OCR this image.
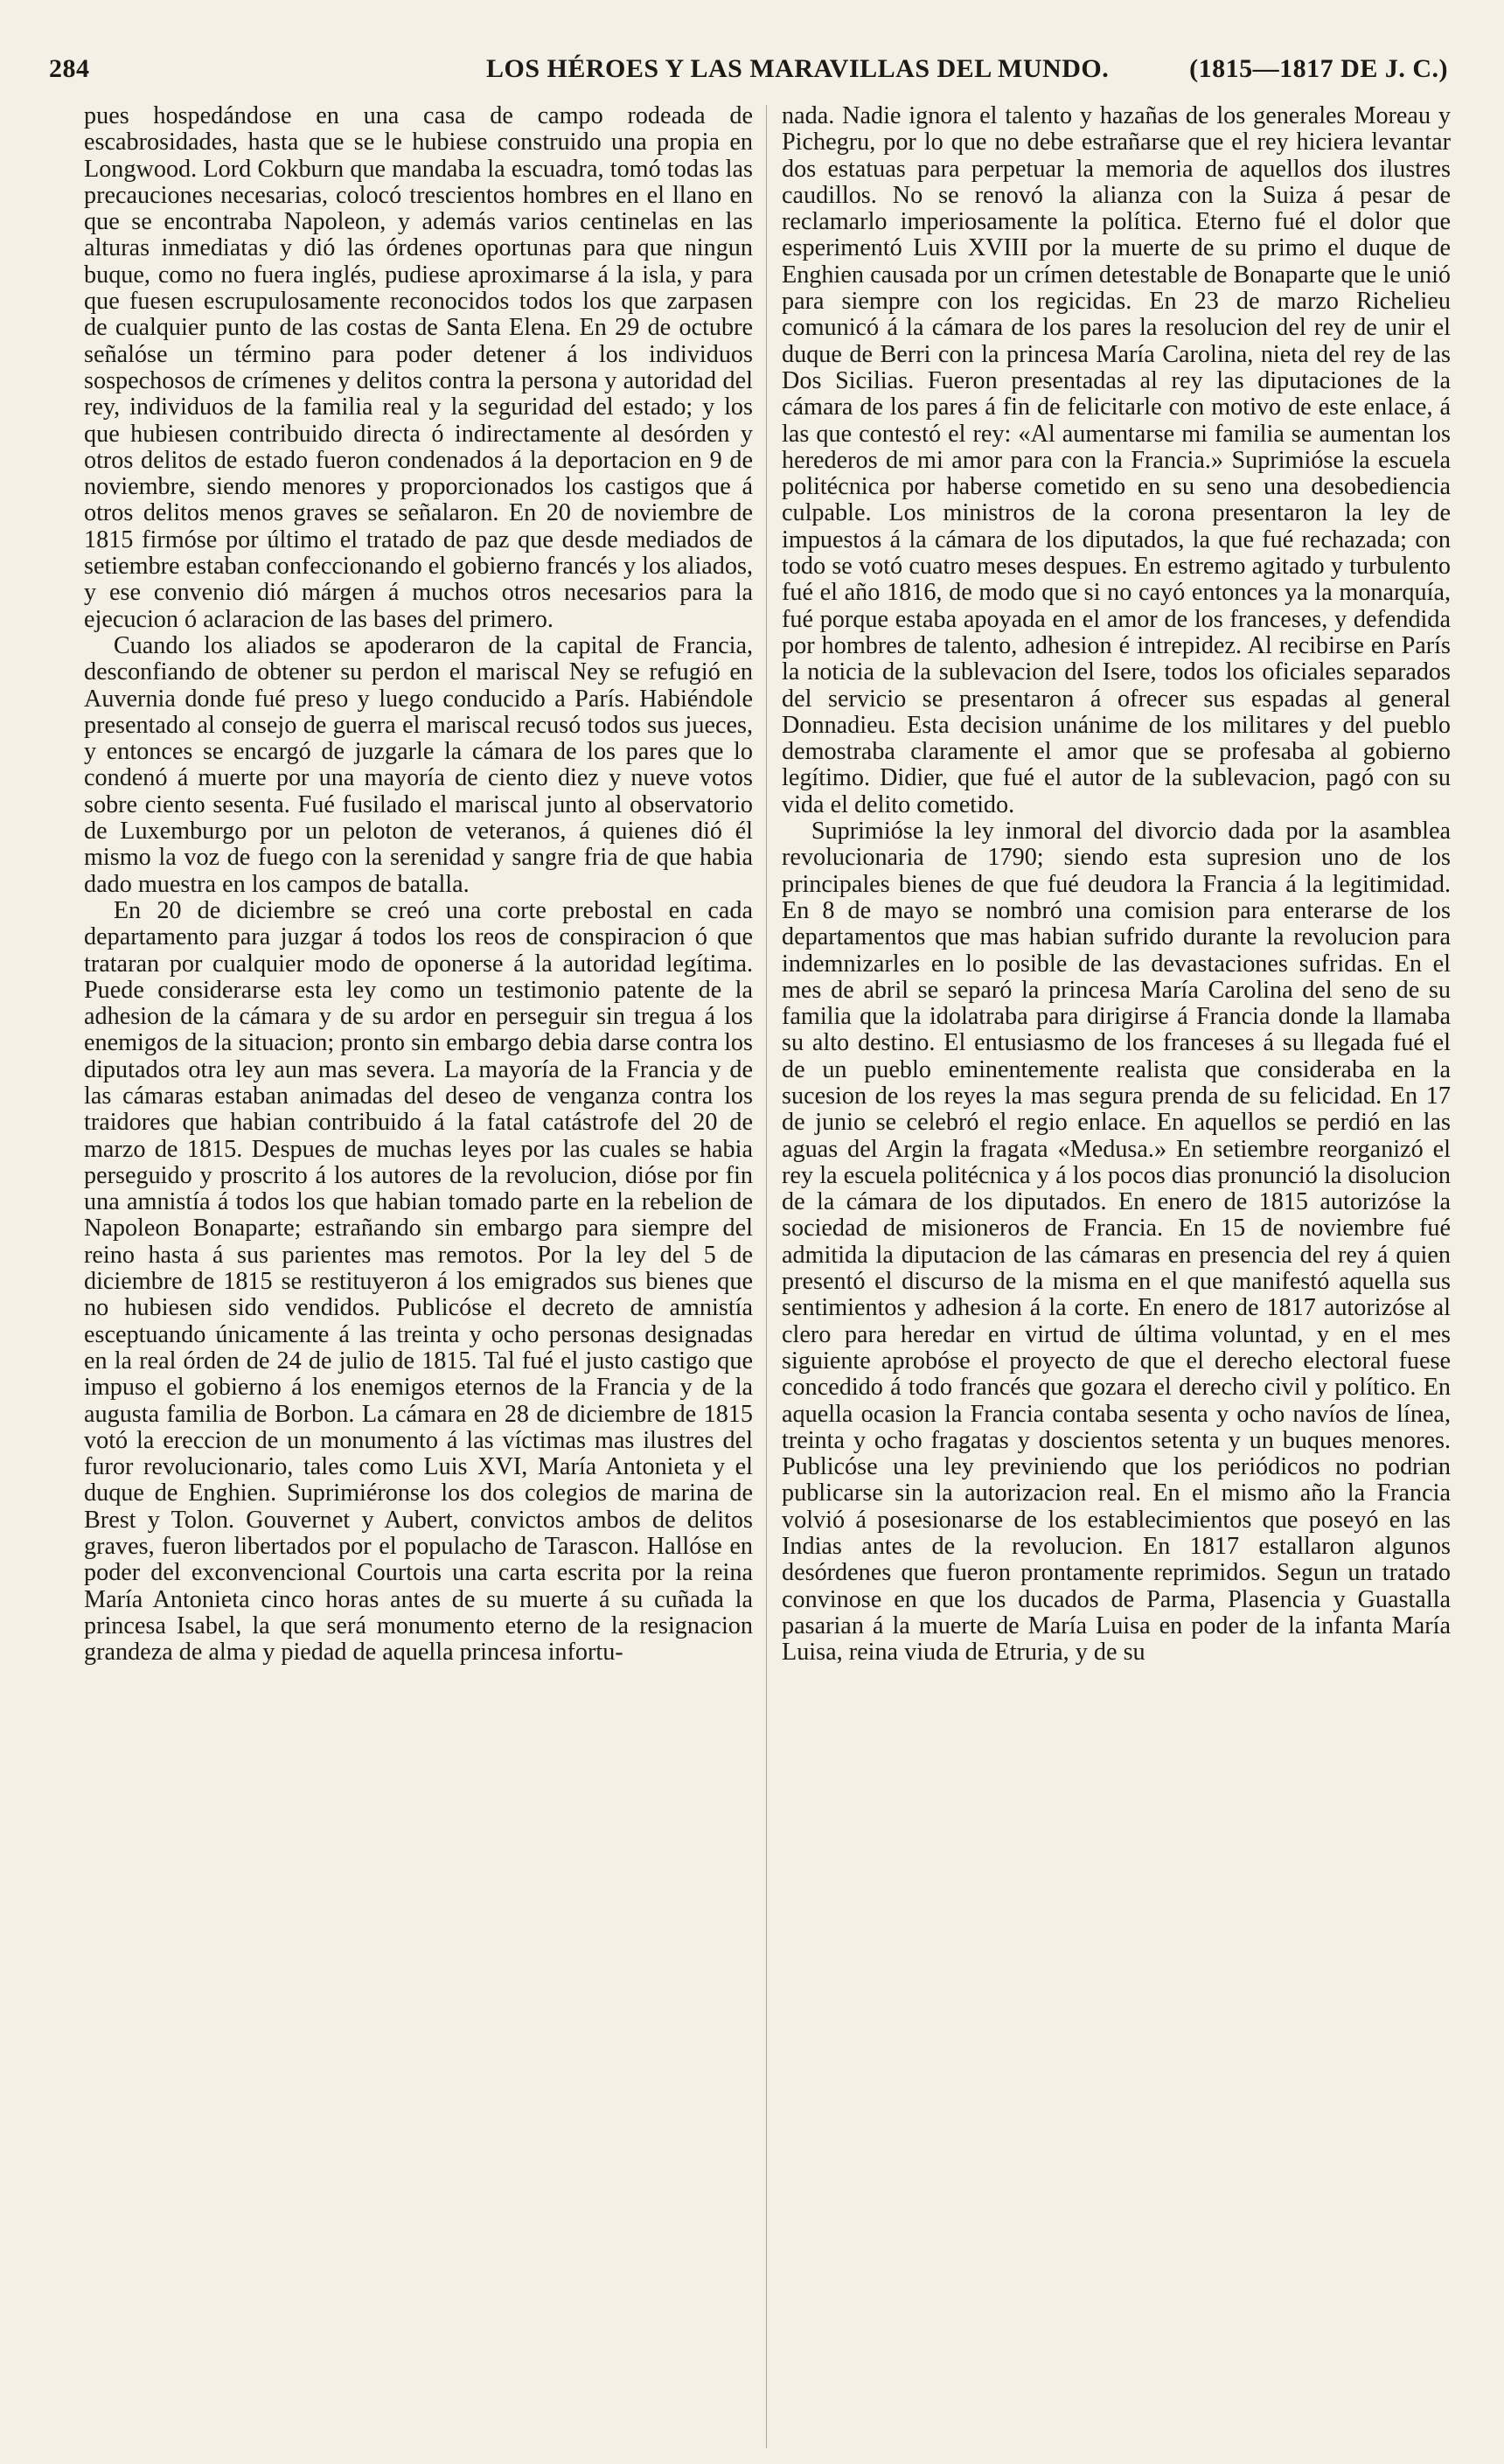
284	LOS HÉROES Y LAS MARAVILLAS DEL MUNDO.	(1815—1817 DE J. C.)

pues hospedándose en una casa de campo rodeada de escabrosidades, hasta que se le hubiese construido una propia en Longwood. Lord Cokburn que mandaba la escuadra, tomó todas las precauciones necesarias, colocó trescientos hombres en el llano en que se encontraba Napoleon, y además varios centinelas en las alturas inmediatas y dió las órdenes oportunas para que ningun buque, como no fuera inglés, pudiese aproximarse á la isla, y para que fuesen escrupulosamente reconocidos todos los que zarpasen de cualquier punto de las costas de Santa Elena. En 29 de octubre señalóse un término para poder detener á los individuos sospechosos de crímenes y delitos contra la persona y autoridad del rey, individuos de la familia real y la seguridad del estado; y los que hubiesen contribuido directa ó indirectamente al desórden y otros delitos de estado fueron condenados á la deportacion en 9 de noviembre, siendo menores y proporcionados los castigos que á otros delitos menos graves se señalaron. En 20 de noviembre de 1815 firmóse por último el tratado de paz que desde mediados de setiembre estaban confeccionando el gobierno francés y los aliados, y ese convenio dió márgen á muchos otros necesarios para la ejecucion ó aclaracion de las bases del primero.

Cuando los aliados se apoderaron de la capital de Francia, desconfiando de obtener su perdon el mariscal Ney se refugió en Auvernia donde fué preso y luego conducido a París. Habiéndole presentado al consejo de guerra el mariscal recusó todos sus jueces, y entonces se encargó de juzgarle la cámara de los pares que lo condenó á muerte por una mayoría de ciento diez y nueve votos sobre ciento sesenta. Fué fusilado el mariscal junto al observatorio de Luxemburgo por un peloton de veteranos, á quienes dió él mismo la voz de fuego con la serenidad y sangre fria de que habia dado muestra en los campos de batalla.

En 20 de diciembre se creó una corte prebostal en cada departamento para juzgar á todos los reos de conspiracion ó que trataran por cualquier modo de oponerse á la autoridad legítima. Puede considerarse esta ley como un testimonio patente de la adhesion de la cámara y de su ardor en perseguir sin tregua á los enemigos de la situacion; pronto sin embargo debia darse contra los diputados otra ley aun mas severa. La mayoría de la Francia y de las cámaras estaban animadas del deseo de venganza contra los traidores que habian contribuido á la fatal catástrofe del 20 de marzo de 1815. Despues de muchas leyes por las cuales se habia perseguido y proscrito á los autores de la revolucion, dióse por fin una amnistía á todos los que habian tomado parte en la rebelion de Napoleon Bonaparte; estrañando sin embargo para siempre del reino hasta á sus parientes mas remotos. Por la ley del 5 de diciembre de 1815 se restituyeron á los emigrados sus bienes que no hubiesen sido vendidos. Publicóse el decreto de amnistía esceptuando únicamente á las treinta y ocho personas designadas en la real órden de 24 de julio de 1815. Tal fué el justo castigo que impuso el gobierno á los enemigos eternos de la Francia y de la augusta familia de Borbon. La cámara en 28 de diciembre de 1815 votó la ereccion de un monumento á las víctimas mas ilustres del furor revolucionario, tales como Luis XVI, María Antonieta y el duque de Enghien. Suprimiéronse los dos colegios de marina de Brest y Tolon. Gouvernet y Aubert, convictos ambos de delitos graves, fueron libertados por el populacho de Tarascon. Hallóse en poder del exconvencional Courtois una carta escrita por la reina María Antonieta cinco horas antes de su muerte á su cuñada la princesa Isabel, la que será monumento eterno de la resignacion grandeza de alma y piedad de aquella princesa infortu-

nada. Nadie ignora el talento y hazañas de los generales Moreau y Pichegru, por lo que no debe estrañarse que el rey hiciera levantar dos estatuas para perpetuar la memoria de aquellos dos ilustres caudillos. No se renovó la alianza con la Suiza á pesar de reclamarlo imperiosamente la política. Eterno fué el dolor que esperimentó Luis XVIII por la muerte de su primo el duque de Enghien causada por un crímen detestable de Bonaparte que le unió para siempre con los regicidas. En 23 de marzo Richelieu comunicó á la cámara de los pares la resolucion del rey de unir el duque de Berri con la princesa María Carolina, nieta del rey de las Dos Sicilias. Fueron presentadas al rey las diputaciones de la cámara de los pares á fin de felicitarle con motivo de este enlace, á las que contestó el rey: «Al aumentarse mi familia se aumentan los herederos de mi amor para con la Francia.» Suprimióse la escuela politécnica por haberse cometido en su seno una desobediencia culpable. Los ministros de la corona presentaron la ley de impuestos á la cámara de los diputados, la que fué rechazada; con todo se votó cuatro meses despues. En estremo agitado y turbulento fué el año 1816, de modo que si no cayó entonces ya la monarquía, fué porque estaba apoyada en el amor de los franceses, y defendida por hombres de talento, adhesion é intrepidez. Al recibirse en París la noticia de la sublevacion del Isere, todos los oficiales separados del servicio se presentaron á ofrecer sus espadas al general Donnadieu. Esta decision unánime de los militares y del pueblo demostraba claramente el amor que se profesaba al gobierno legítimo. Didier, que fué el autor de la sublevacion, pagó con su vida el delito cometido.

Suprimióse la ley inmoral del divorcio dada por la asamblea revolucionaria de 1790; siendo esta supresion uno de los principales bienes de que fué deudora la Francia á la legitimidad. En 8 de mayo se nombró una comision para enterarse de los departamentos que mas habian sufrido durante la revolucion para indemnizarles en lo posible de las devastaciones sufridas. En el mes de abril se separó la princesa María Carolina del seno de su familia que la idolatraba para dirigirse á Francia donde la llamaba su alto destino. El entusiasmo de los franceses á su llegada fué el de un pueblo eminentemente realista que consideraba en la sucesion de los reyes la mas segura prenda de su felicidad. En 17 de junio se celebró el regio enlace. En aquellos se perdió en las aguas del Argin la fragata «Medusa.» En setiembre reorganizó el rey la escuela politécnica y á los pocos dias pronunció la disolucion de la cámara de los diputados. En enero de 1815 autorizóse la sociedad de misioneros de Francia. En 15 de noviembre fué admitida la diputacion de las cámaras en presencia del rey á quien presentó el discurso de la misma en el que manifestó aquella sus sentimientos y adhesion á la corte. En enero de 1817 autorizóse al clero para heredar en virtud de última voluntad, y en el mes siguiente aprobóse el proyecto de que el derecho electoral fuese concedido á todo francés que gozara el derecho civil y político. En aquella ocasion la Francia contaba sesenta y ocho navíos de línea, treinta y ocho fragatas y doscientos setenta y un buques menores. Publicóse una ley previniendo que los periódicos no podrian publicarse sin la autorizacion real. En el mismo año la Francia volvió á posesionarse de los establecimientos que poseyó en las Indias antes de la revolucion. En 1817 estallaron algunos desórdenes que fueron prontamente reprimidos. Segun un tratado convinose en que los ducados de Parma, Plasencia y Guastalla pasarian á la muerte de María Luisa en poder de la infanta María Luisa, reina viuda de Etruria, y de su
